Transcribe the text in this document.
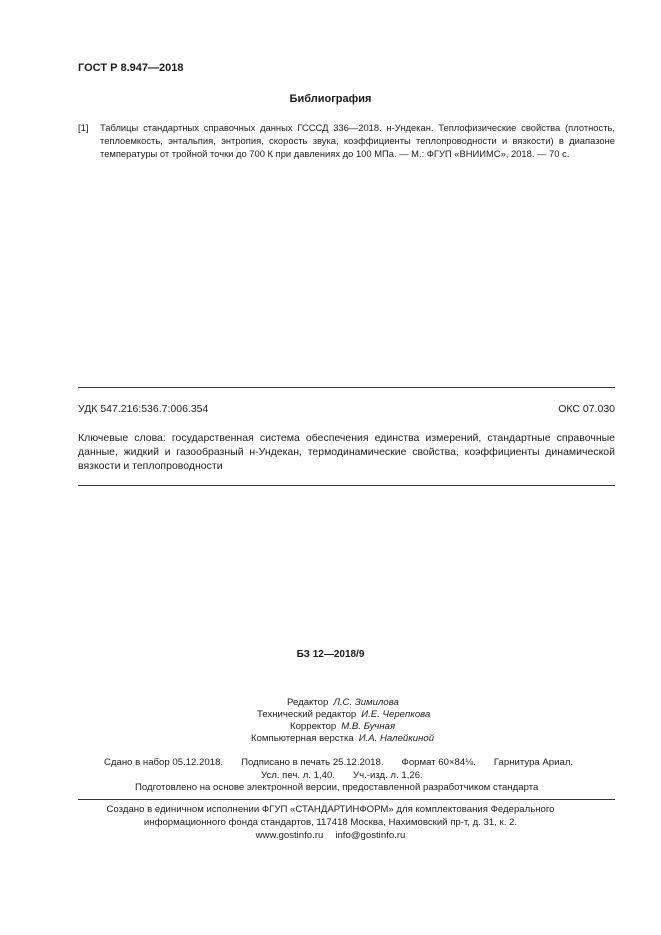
ГОСТ Р 8.947—2018
Библиография
[1] Таблицы стандартных справочных данных ГСССД 336—2018. н-Ундекан. Теплофизические свойства (плотность, теплоемкость, энтальпия, энтропия, скорость звука, коэффициенты теплопроводности и вязкости) в диапазоне температуры от тройной точки до 700 К при давлениях до 100 МПа. — М.: ФГУП «ВНИИМС», 2018. — 70 с.
УДК 547.216:536.7:006.354	ОКС 07.030
Ключевые слова: государственная система обеспечения единства измерений, стандартные справочные данные, жидкий и газообразный н-Ундекан, термодинамические свойства, коэффициенты динамической вязкости и теплопроводности
БЗ 12—2018/9
Редактор Л.С. Зимилова
Технический редактор И.Е. Черепкова
Корректор М.В. Бучная
Компьютерная верстка И.А. Налейкиной
Сдано в набор 05.12.2018. Подписано в печать 25.12.2018. Формат 60×84⅛. Гарнитура Ариал.
Усл. печ. л. 1,40. Уч.-изд. л. 1,26.
Подготовлено на основе электронной версии, предоставленной разработчиком стандарта
Создано в единичном исполнении ФГУП «СТАНДАРТИНФОРМ» для комплектования Федерального
информационного фонда стандартов, 117418 Москва, Нахимовский пр-т, д. 31, к. 2.
www.gostinfo.ru info@gostinfo.ru
